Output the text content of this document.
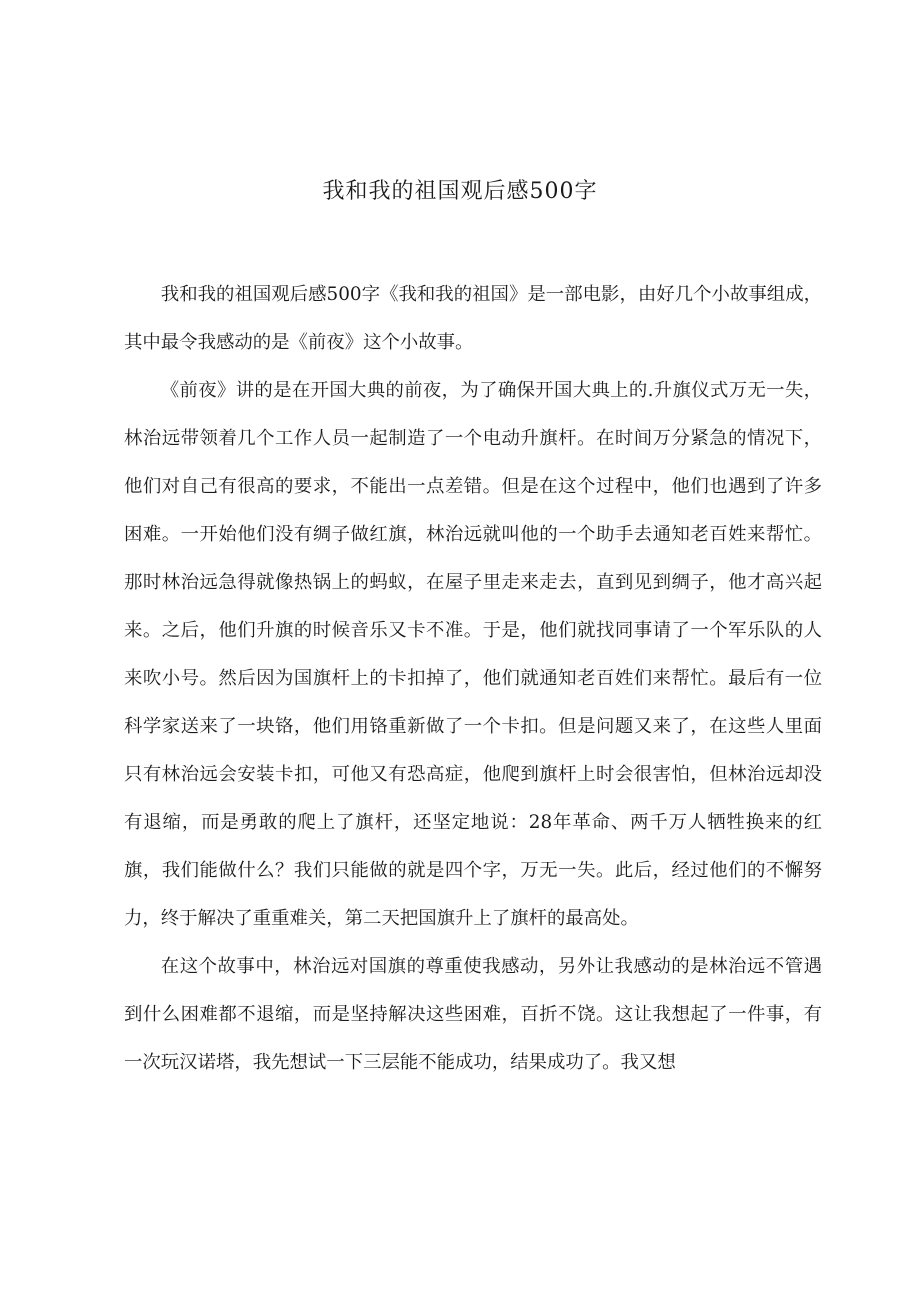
我和我的祖国观后感500字

我和我的祖国观后感500字《我和我的祖国》是一部电影，由好几个小故事组成，其中最令我感动的是《前夜》这个小故事。

《前夜》讲的是在开国大典的前夜，为了确保开国大典上的.升旗仪式万无一失，林治远带领着几个工作人员一起制造了一个电动升旗杆。在时间万分紧急的情况下，他们对自己有很高的要求，不能出一点差错。但是在这个过程中，他们也遇到了许多困难。一开始他们没有绸子做红旗，林治远就叫他的一个助手去通知老百姓来帮忙。那时林治远急得就像热锅上的蚂蚁，在屋子里走来走去，直到见到绸子，他才高兴起来。之后，他们升旗的时候音乐又卡不准。于是，他们就找同事请了一个军乐队的人来吹小号。然后因为国旗杆上的卡扣掉了，他们就通知老百姓们来帮忙。最后有一位科学家送来了一块铬，他们用铬重新做了一个卡扣。但是问题又来了，在这些人里面只有林治远会安装卡扣，可他又有恐高症，他爬到旗杆上时会很害怕，但林治远却没有退缩，而是勇敢的爬上了旗杆，还坚定地说：28年革命、两千万人牺牲换来的红旗，我们能做什么？我们只能做的就是四个字，万无一失。此后，经过他们的不懈努力，终于解决了重重难关，第二天把国旗升上了旗杆的最高处。

在这个故事中，林治远对国旗的尊重使我感动，另外让我感动的是林治远不管遇到什么困难都不退缩，而是坚持解决这些困难，百折不饶。这让我想起了一件事，有一次玩汉诺塔，我先想试一下三层能不能成功，结果成功了。我又想
